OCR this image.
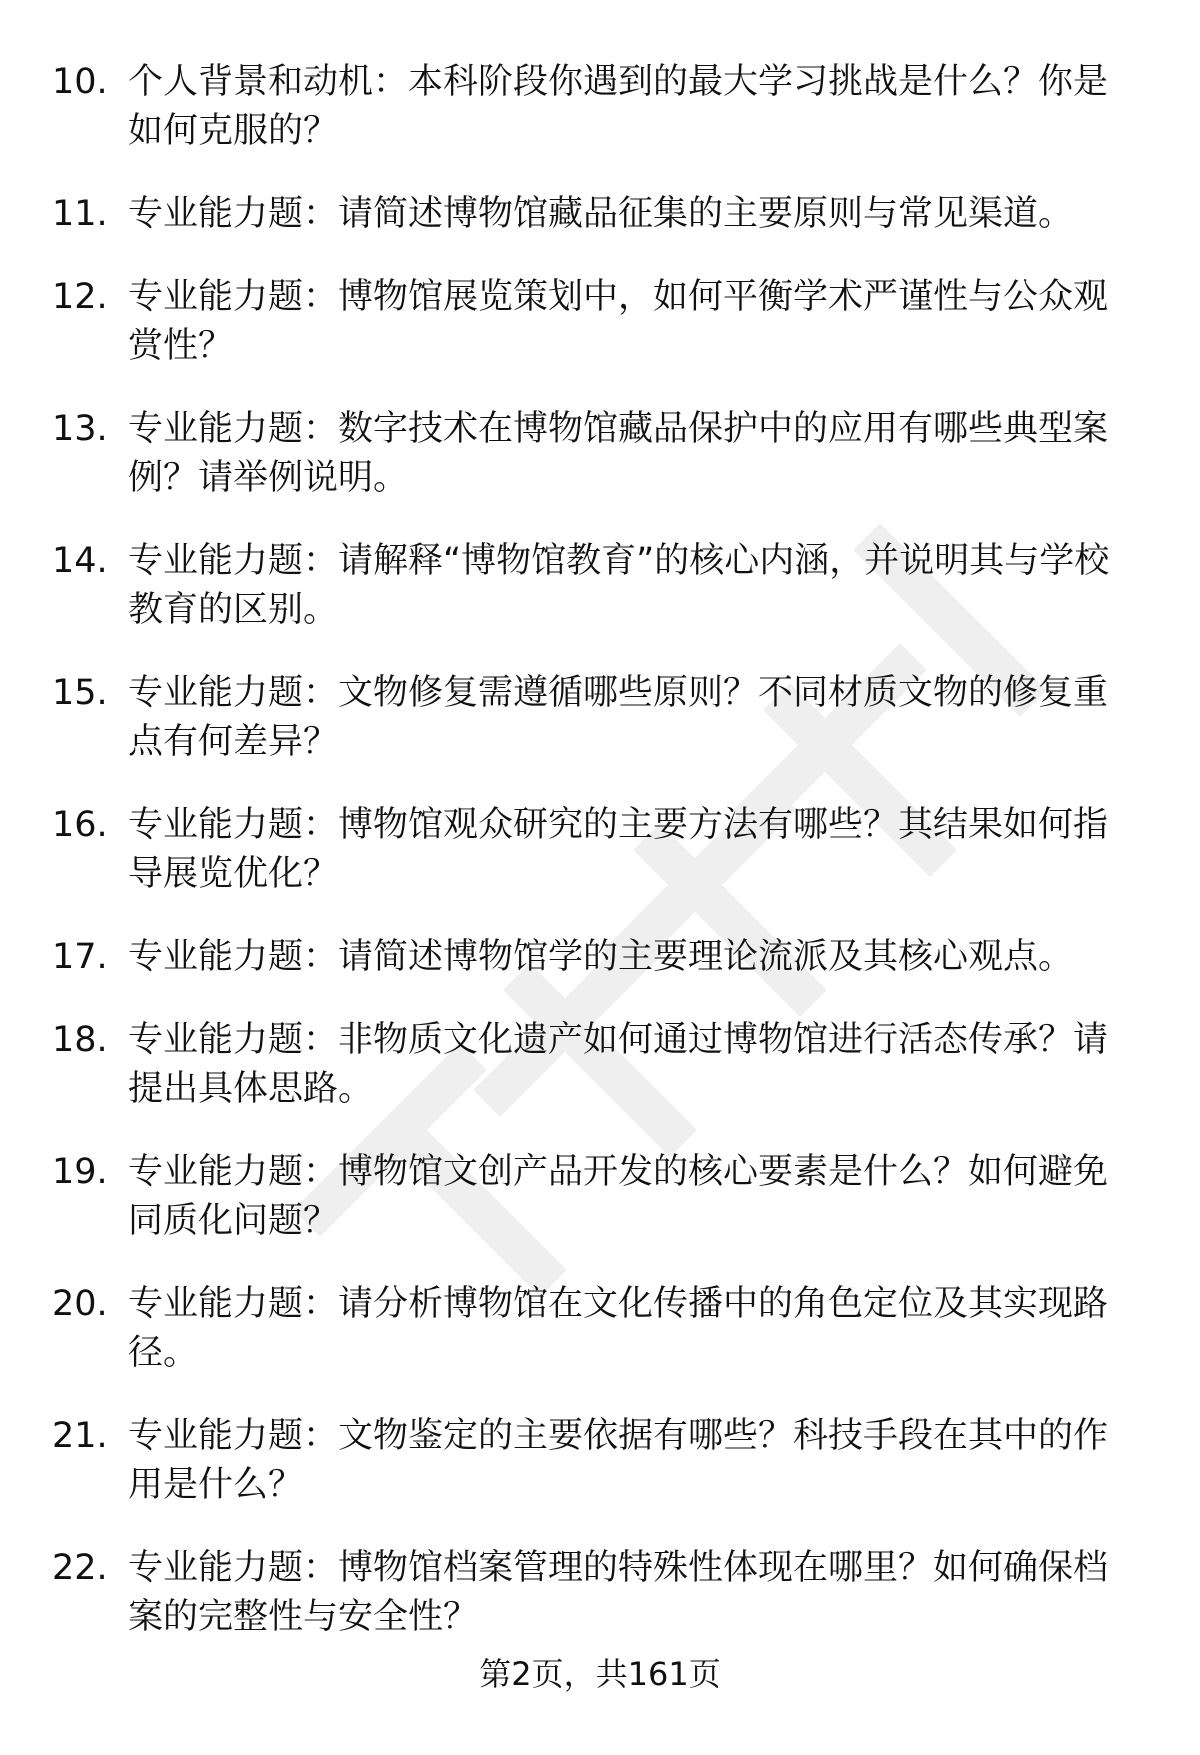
10. 个人背景和动机：本科阶段你遇到的最大学习挑战是什么？你是如何克服的？
11. 专业能力题：请简述博物馆藏品征集的主要原则与常见渠道。
12. 专业能力题：博物馆展览策划中，如何平衡学术严谨性与公众观赏性？
13. 专业能力题：数字技术在博物馆藏品保护中的应用有哪些典型案例？请举例说明。
14. 专业能力题：请解释“博物馆教育”的核心内涵，并说明其与学校教育的区别。
15. 专业能力题：文物修复需遵循哪些原则？不同材质文物的修复重点有何差异？
16. 专业能力题：博物馆观众研究的主要方法有哪些？其结果如何指导展览优化？
17. 专业能力题：请简述博物馆学的主要理论流派及其核心观点。
18. 专业能力题：非物质文化遗产如何通过博物馆进行活态传承？请提出具体思路。
19. 专业能力题：博物馆文创产品开发的核心要素是什么？如何避免同质化问题？
20. 专业能力题：请分析博物馆在文化传播中的角色定位及其实现路径。
21. 专业能力题：文物鉴定的主要依据有哪些？科技手段在其中的作用是什么？
22. 专业能力题：博物馆档案管理的特殊性体现在哪里？如何确保档案的完整性与安全性？
第2页，共161页
